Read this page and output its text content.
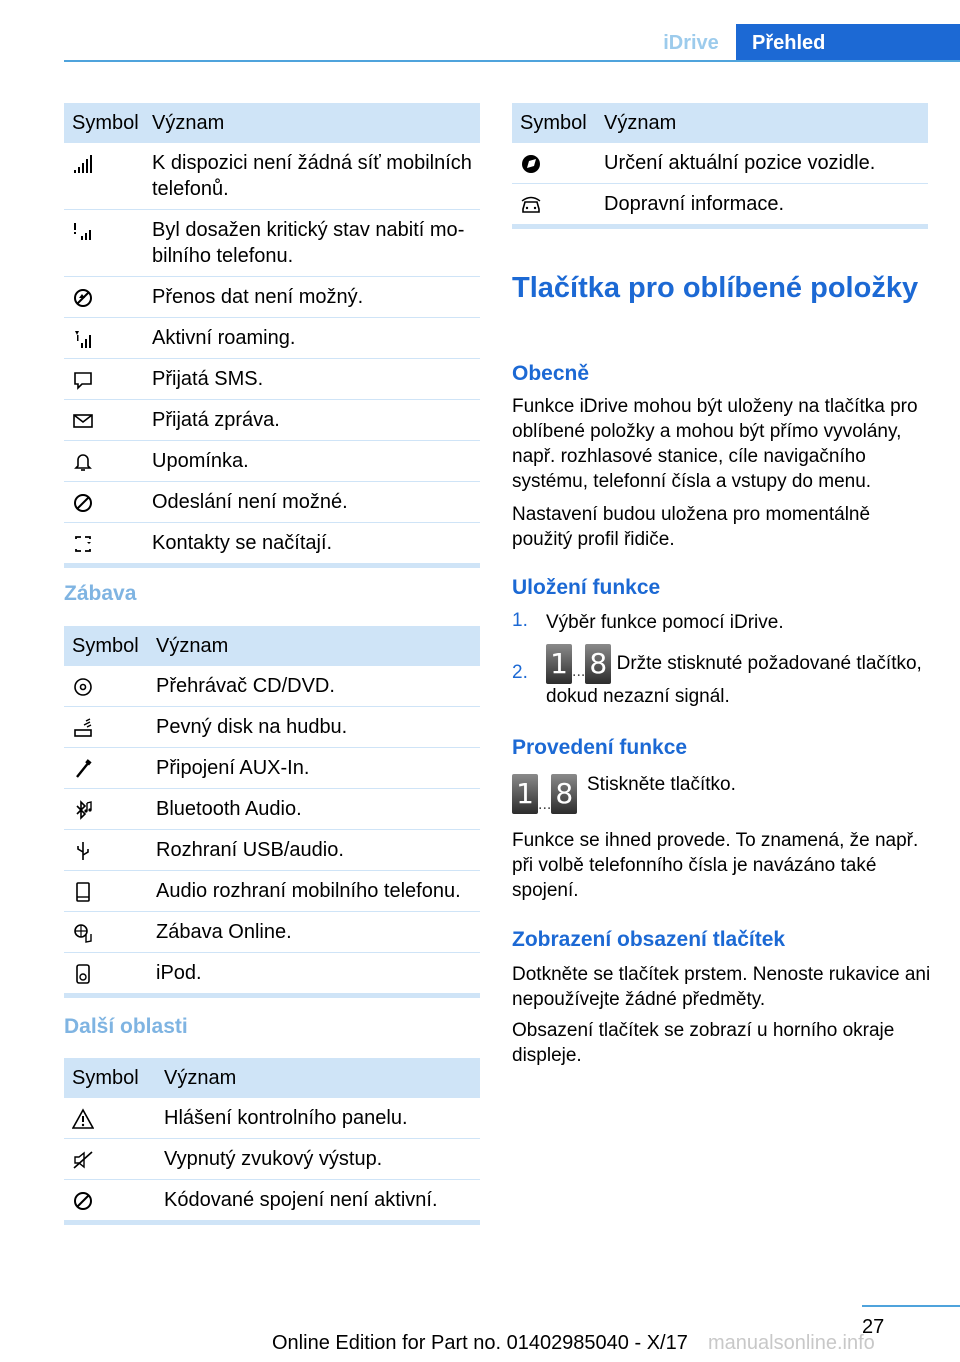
iDrive	Přehled
Symbol Význam
K dispozici není žádná síť mobilních telefonů.
Byl dosažen kritický stav nabití mobilního telefonu.
Přenos dat není možný.
Aktivní roaming.
Přijatá SMS.
Přijatá zpráva.
Upomínka.
Odeslání není možné.
Kontakty se načítají.
Zábava
Symbol Význam
Přehrávač CD/DVD.
Pevný disk na hudbu.
Připojení AUX-In.
Bluetooth Audio.
Rozhraní USB/audio.
Audio rozhraní mobilního telefonu.
Zábava Online.
iPod.
Další oblasti
Symbol	Význam
Hlášení kontrolního panelu.
Vypnutý zvukový výstup.
Kódované spojení není aktivní.
Symbol Význam
Určení aktuální pozice vozidle.
Dopravní informace.
Tlačítka pro oblíbené položky
Obecně
Funkce iDrive mohou být uloženy na tlačítka pro oblíbené položky a mohou být přímo vyvolány, např. rozhlasové stanice, cíle navigačního systému, telefonní čísla a vstupy do menu.
Nastavení budou uložena pro momentálně použitý profil řidiče.
Uložení funkce
1. Výběr funkce pomocí iDrive.
2. 1 ... 8 Držte stisknuté požadované tlačítko, dokud nezazní signál.
Provedení funkce
1 ... 8 Stiskněte tlačítko.
Funkce se ihned provede. To znamená, že např. při volbě telefonního čísla je navázáno také spojení.
Zobrazení obsazení tlačítek
Dotkněte se tlačítek prstem. Nenoste rukavice ani nepoužívejte žádné předměty.
Obsazení tlačítek se zobrazí u horního okraje displeje.
27
Online Edition for Part no. 01402985040 - X/17 manualsonline.info
